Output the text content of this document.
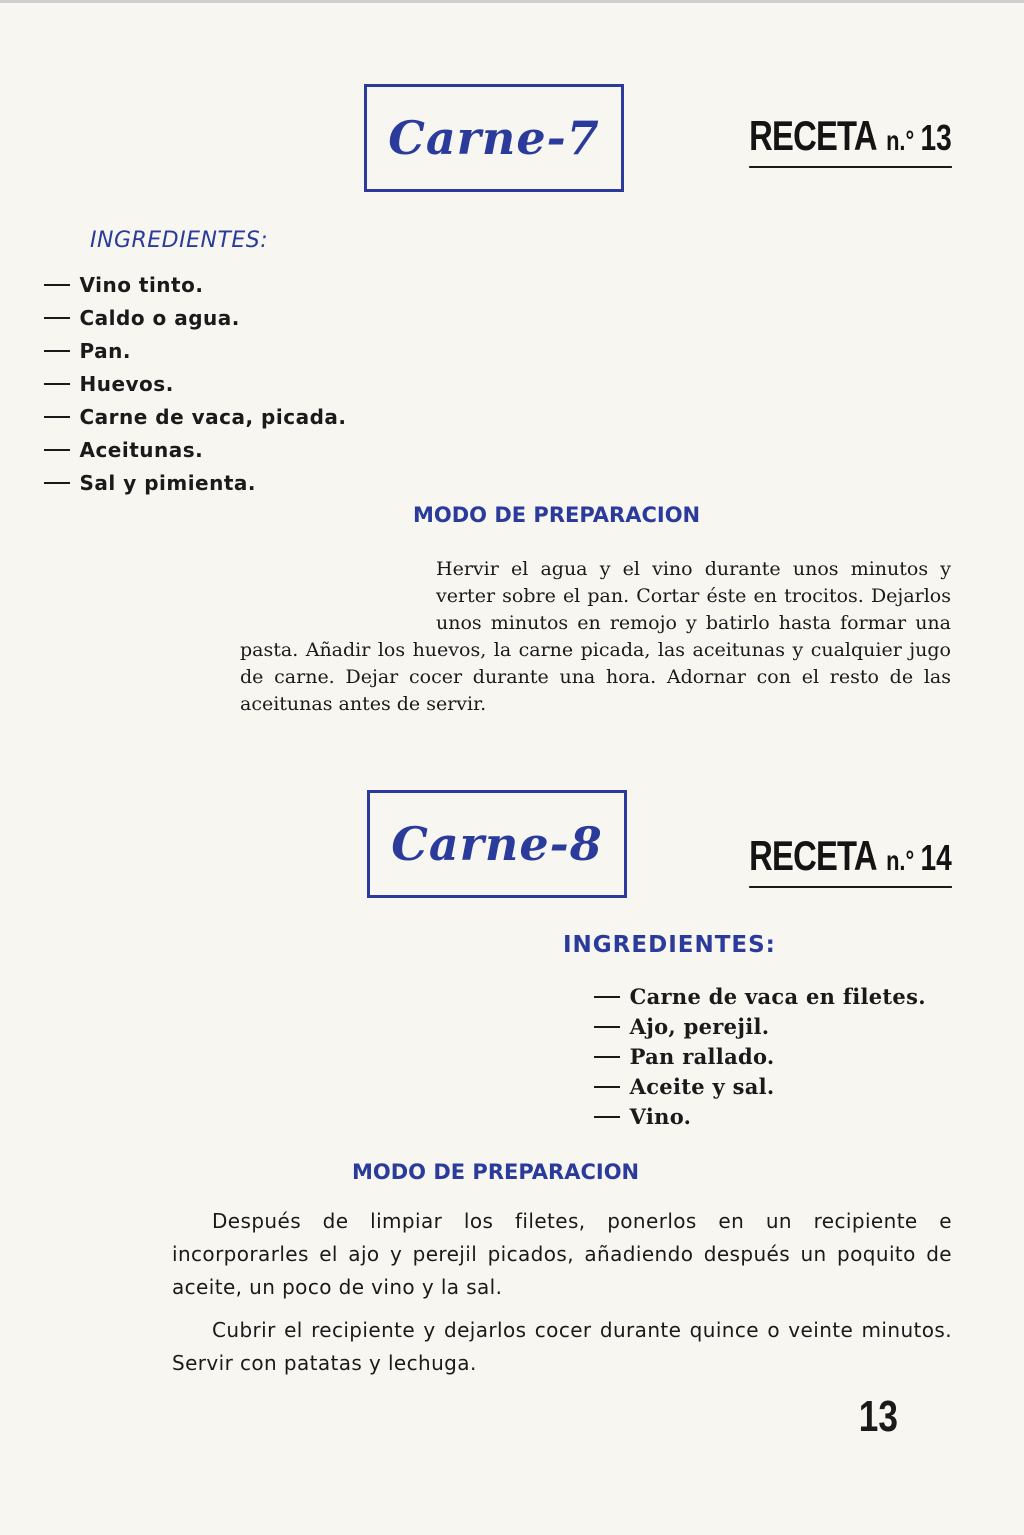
Carne-7	RECETA n.° 13
INGREDIENTES:
Vino tinto.
Caldo o agua.
Pan.
Huevos.
Carne de vaca, picada.
Aceitunas.
Sal y pimienta.
MODO DE PREPARACION
Hervir el agua y el vino durante unos minutos y verter sobre el pan. Cortar éste en trocitos. Dejarlos unos minutos en remojo y batirlo hasta formar una pasta. Añadir los huevos, la carne picada, las aceitunas y cualquier jugo de carne. Dejar cocer durante una hora. Adornar con el resto de las aceitunas antes de servir.
Carne-8	RECETA n.° 14
INGREDIENTES:
Carne de vaca en filetes.
Ajo, perejil.
Pan rallado.
Aceite y sal.
Vino.
MODO DE PREPARACION

Después de limpiar los filetes, ponerlos en un recipiente e incorporarles el ajo y perejil picados, añadiendo después un poquito de aceite, un poco de vino y la sal.

Cubrir el recipiente y dejarlos cocer durante quince o veinte minutos. Servir con patatas y lechuga.

13
